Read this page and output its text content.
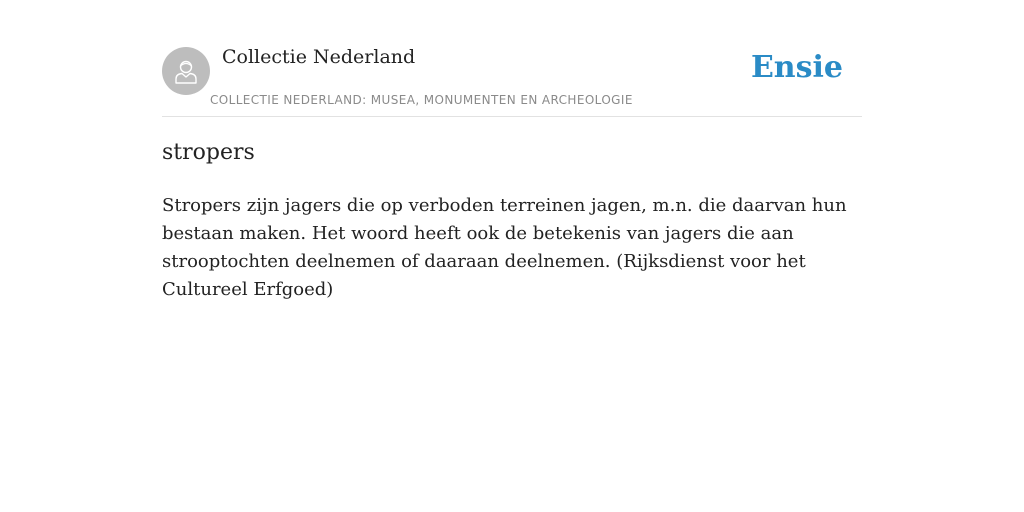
Collectie Nederland
COLLECTIE NEDERLAND: MUSEA, MONUMENTEN EN ARCHEOLOGIE
Ensie
stropers

Stropers zijn jagers die op verboden terreinen jagen, m.n. die daarvan hun bestaan maken. Het woord heeft ook de betekenis van jagers die aan strooptochten deelnemen of daaraan deelnemen. (Rijksdienst voor het Cultureel Erfgoed)
